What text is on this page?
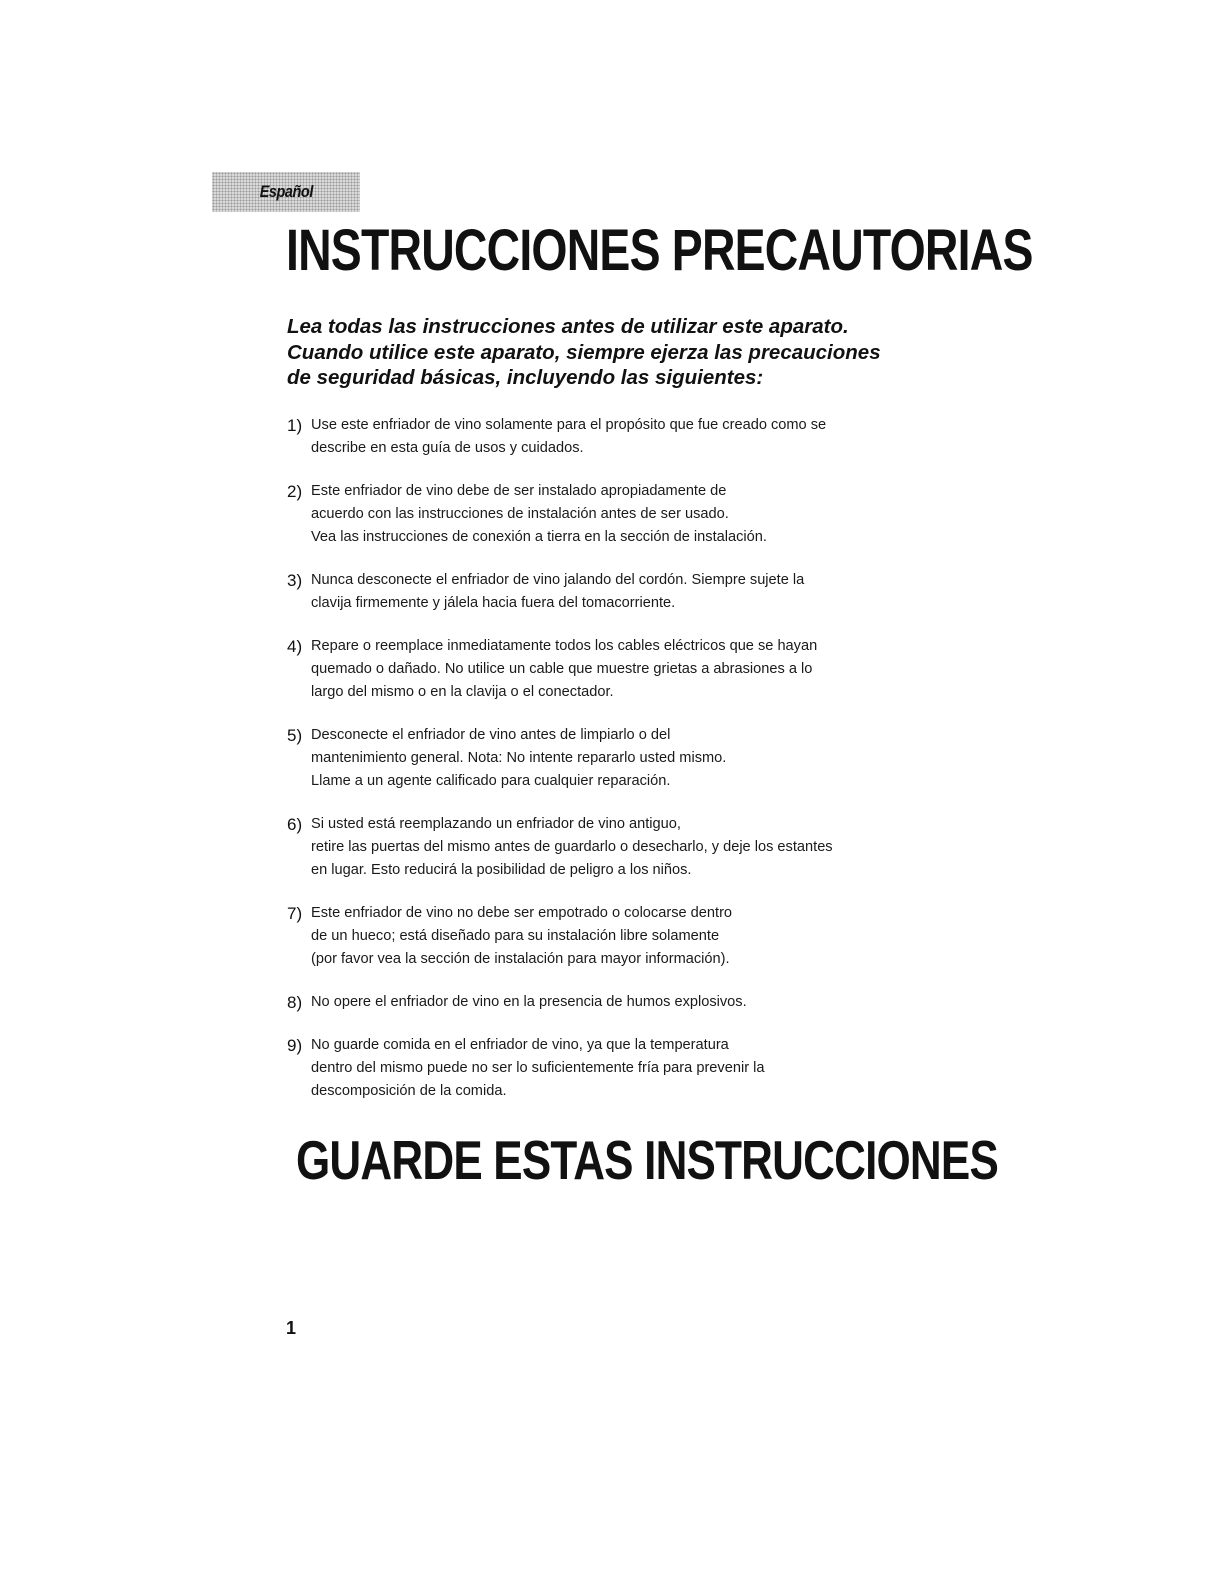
Español
INSTRUCCIONES PRECAUTORIAS
Lea todas las instrucciones antes de utilizar este aparato.
Cuando utilice este aparato, siempre ejerza las precauciones
de seguridad básicas, incluyendo las siguientes:
1) Use este enfriador de vino solamente para el propósito que fue creado como se
describe en esta guía de usos y cuidados.
2) Este enfriador de vino debe de ser instalado apropiadamente de
acuerdo con las instrucciones de instalación antes de ser usado.
Vea las instrucciones de conexión a tierra en la sección de instalación.
3) Nunca desconecte el enfriador de vino jalando del cordón. Siempre sujete la
clavija firmemente y jálela hacia fuera del tomacorriente.
4) Repare o reemplace inmediatamente todos los cables eléctricos que se hayan
quemado o dañado. No utilice un cable que muestre grietas a abrasiones a lo
largo del mismo o en la clavija o el conectador.
5) Desconecte el enfriador de vino antes de limpiarlo o del
mantenimiento general. Nota: No intente repararlo usted mismo.
Llame a un agente calificado para cualquier reparación.
6) Si usted está reemplazando un enfriador de vino antiguo,
retire las puertas del mismo antes de guardarlo o desecharlo, y deje los estantes
en lugar. Esto reducirá la posibilidad de peligro a los niños.
7) Este enfriador de vino no debe ser empotrado o colocarse dentro
de un hueco; está diseñado para su instalación libre solamente
(por favor vea la sección de instalación para mayor información).
8) No opere el enfriador de vino en la presencia de humos explosivos.
9) No guarde comida en el enfriador de vino, ya que la temperatura
dentro del mismo puede no ser lo suficientemente fría para prevenir la
descomposición de la comida.
GUARDE ESTAS INSTRUCCIONES
1
